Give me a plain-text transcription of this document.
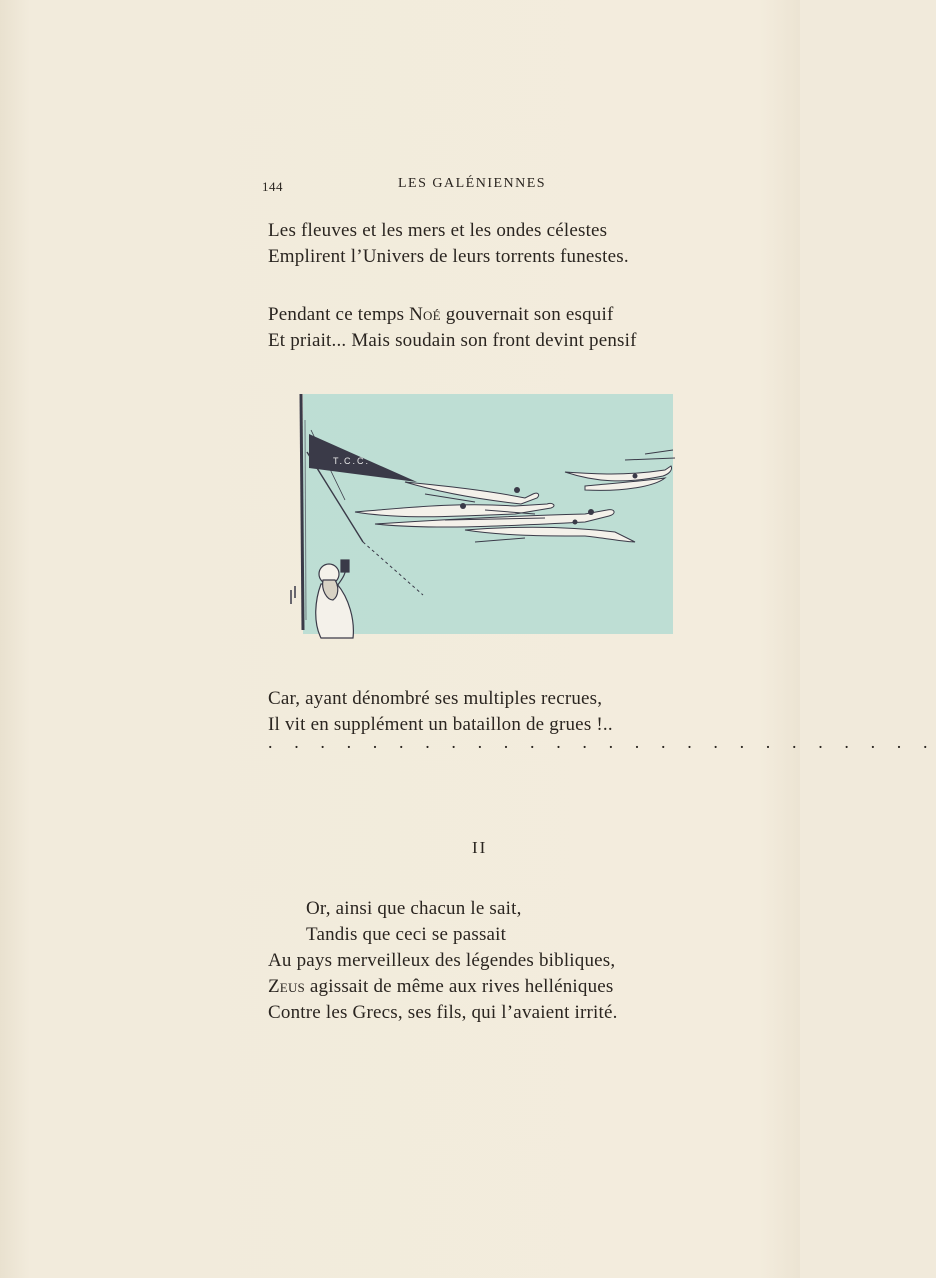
144	LES GALÉNIENNES
Les fleuves et les mers et les ondes célestes
Emplirent l’Univers de leurs torrents funestes.
Pendant ce temps Noé gouvernait son esquif
Et priait... Mais soudain son front devint pensif
T.C.C.
Car, ayant dénombré ses multiples recrues,
Il vit en supplément un bataillon de grues !..
. . . . . . . . . . . . . . . . . . . . . . . . . .
II
Or, ainsi que chacun le sait,
Tandis que ceci se passait
Au pays merveilleux des légendes bibliques,
Zeus agissait de même aux rives helléniques
Contre les Grecs, ses fils, qui l’avaient irrité.
